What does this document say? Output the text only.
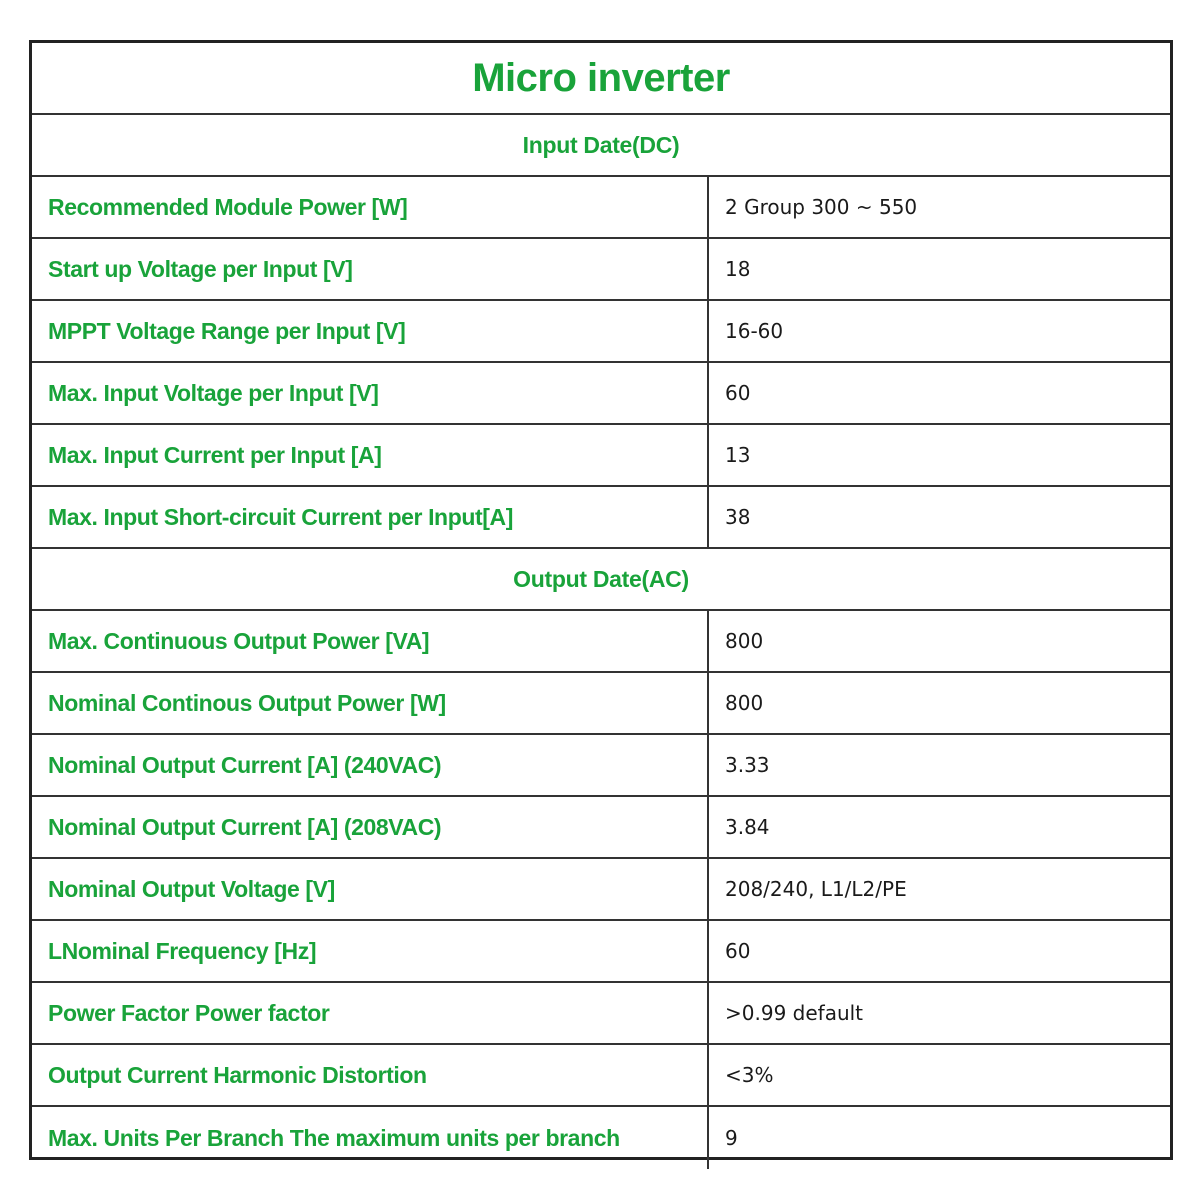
Micro inverter
Input Date(DC)
Recommended Module Power [W]	2 Group 300 ~ 550
Start up Voltage per Input [V]	18
MPPT Voltage Range per Input [V]	16-60
Max. Input Voltage per Input [V]	60
Max. Input Current per Input [A]	13
Max. Input Short-circuit Current per Input[A]	38
Output Date(AC)
Max. Continuous Output Power [VA]	800
Nominal Continous Output Power [W]	800
Nominal Output Current [A] (240VAC)	3.33
Nominal Output Current [A] (208VAC)	3.84
Nominal Output Voltage [V]	208/240, L1/L2/PE
LNominal Frequency [Hz]	60
Power Factor Power factor	>0.99 default
Output Current Harmonic Distortion	<3%
Max. Units Per Branch The maximum units per branch	9
